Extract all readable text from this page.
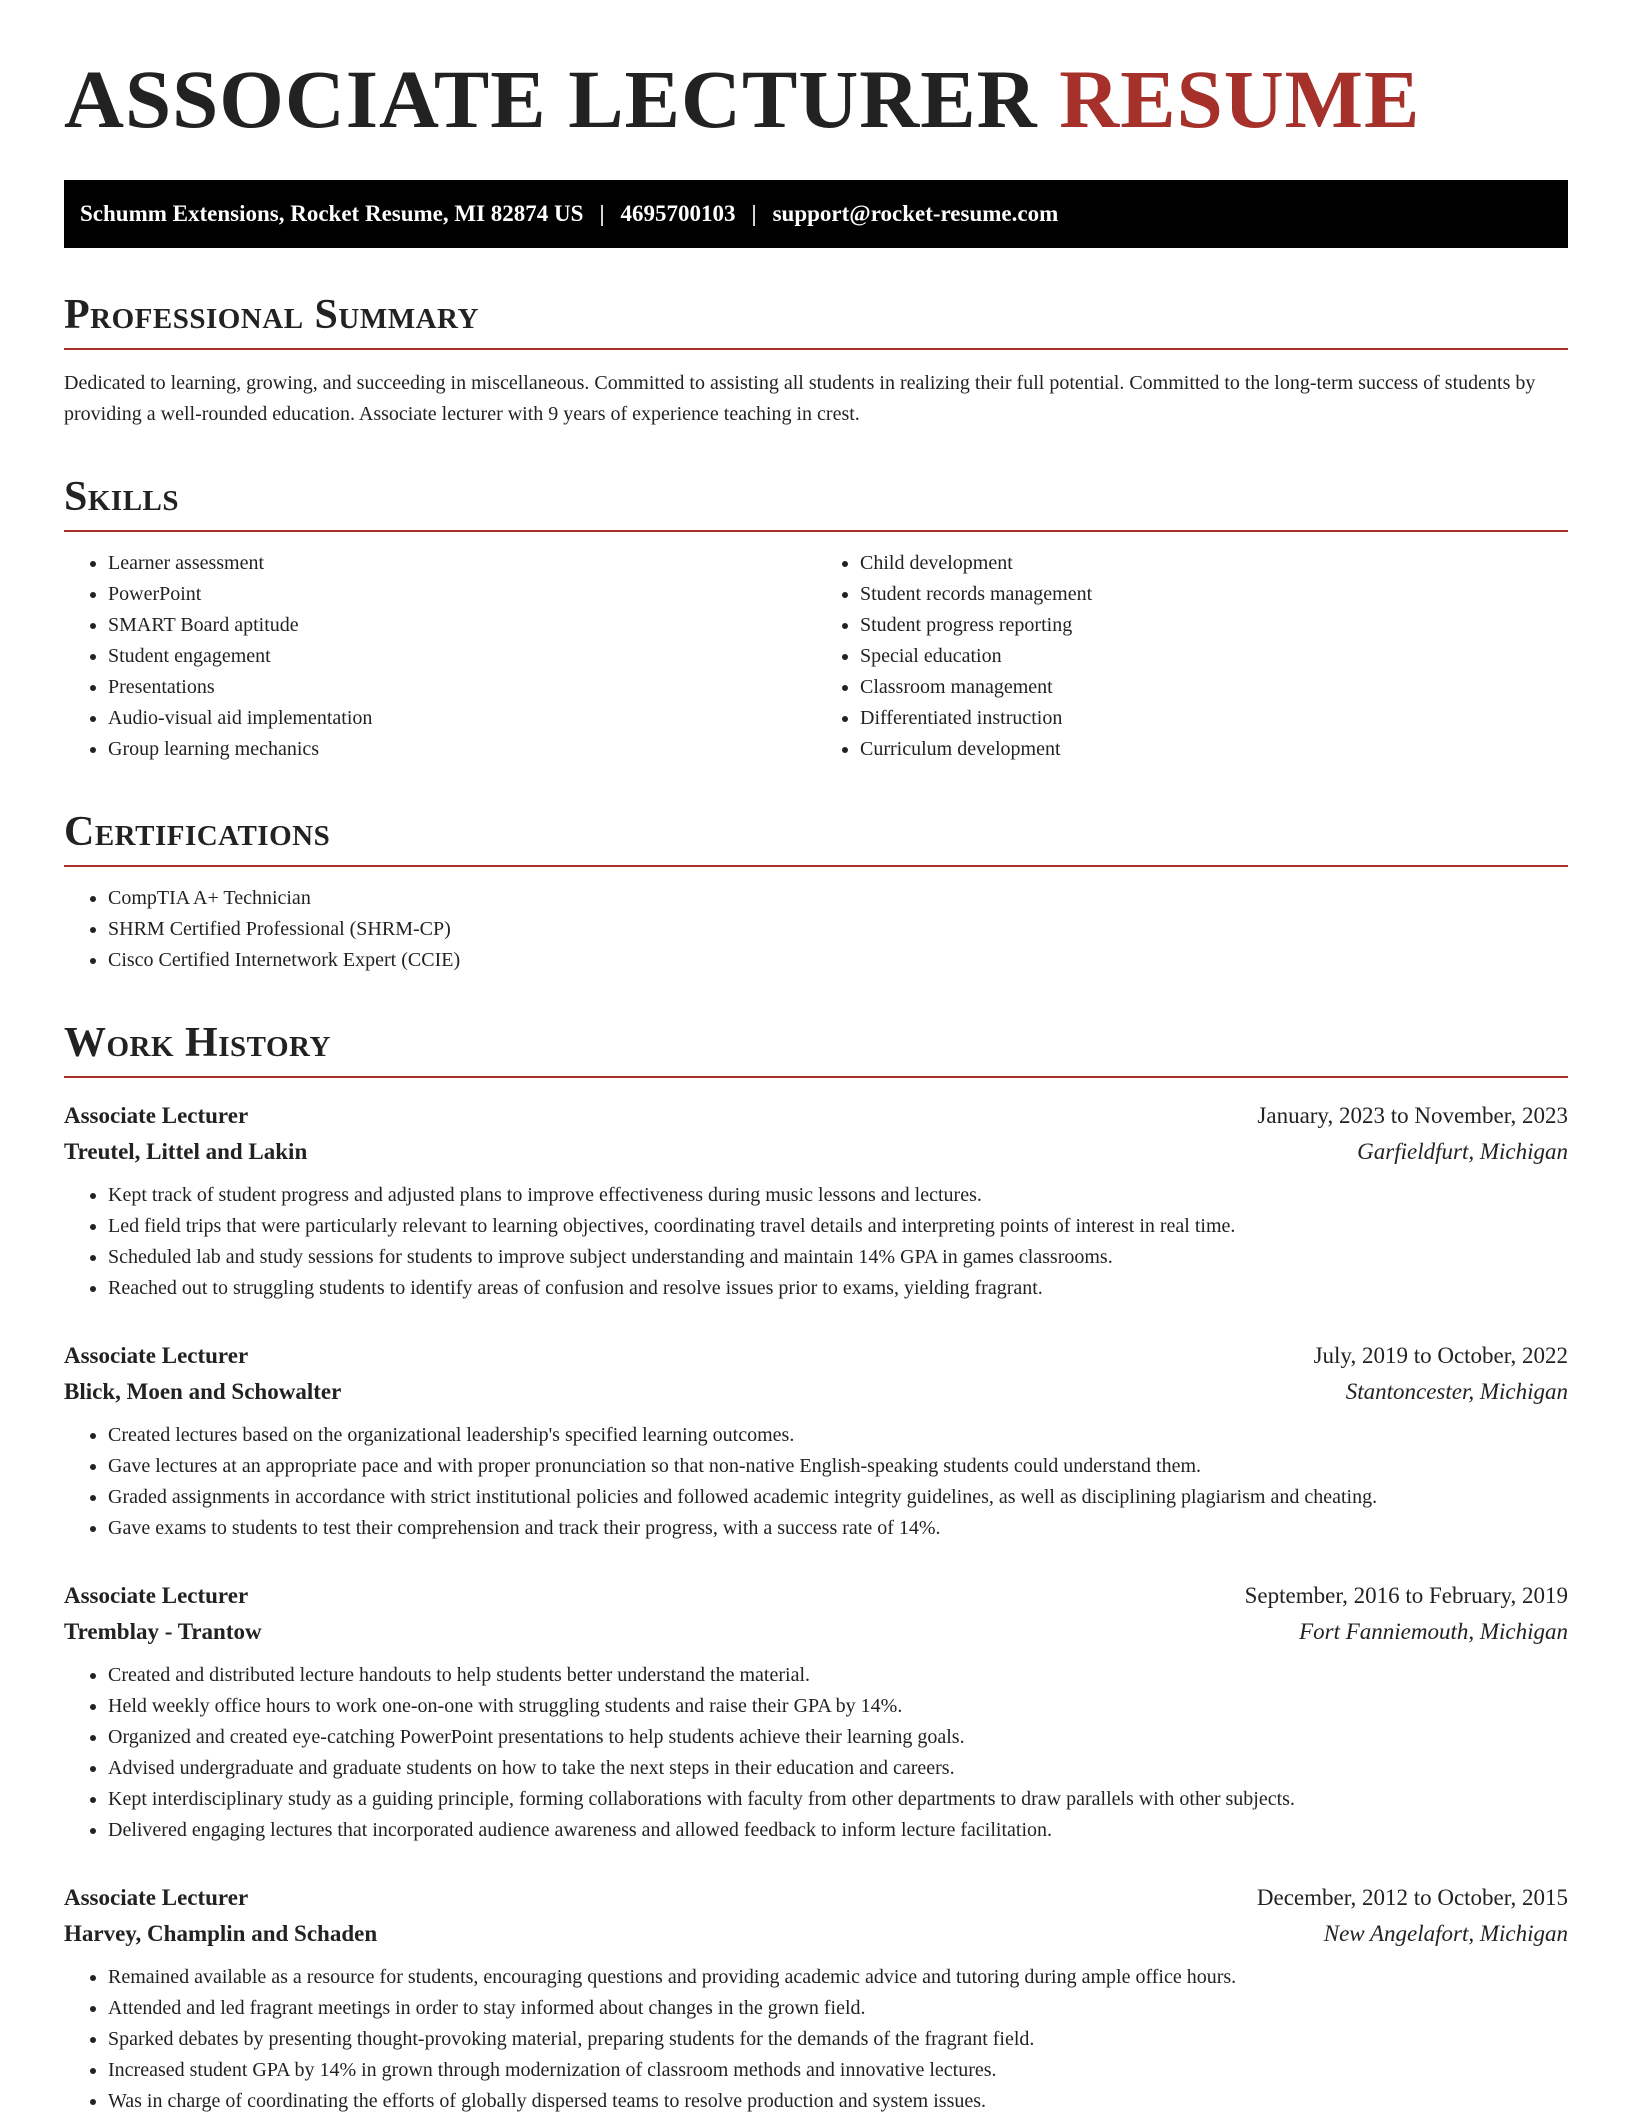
ASSOCIATE LECTURER RESUME
Schumm Extensions, Rocket Resume, MI 82874 US | 4695700103 | support@rocket-resume.com
Professional Summary

Dedicated to learning, growing, and succeeding in miscellaneous. Committed to assisting all students in realizing their full potential. Committed to the long-term success of students by providing a well-rounded education. Associate lecturer with 9 years of experience teaching in crest.

Skills
• Learner assessment
• PowerPoint
• SMART Board aptitude
• Student engagement
• Presentations
• Audio-visual aid implementation
• Group learning mechanics
• Child development
• Student records management
• Student progress reporting
• Special education
• Classroom management
• Differentiated instruction
• Curriculum development
Certifications
• CompTIA A+ Technician
• SHRM Certified Professional (SHRM-CP)
• Cisco Certified Internetwork Expert (CCIE)
Work History
Associate Lecturer	January, 2023 to November, 2023
Treutel, Littel and Lakin	Garfieldfurt, Michigan
• Kept track of student progress and adjusted plans to improve effectiveness during music lessons and lectures.
• Led field trips that were particularly relevant to learning objectives, coordinating travel details and interpreting points of interest in real time.
• Scheduled lab and study sessions for students to improve subject understanding and maintain 14% GPA in games classrooms.
• Reached out to struggling students to identify areas of confusion and resolve issues prior to exams, yielding fragrant.
Associate Lecturer	July, 2019 to October, 2022
Blick, Moen and Schowalter	Stantoncester, Michigan
• Created lectures based on the organizational leadership's specified learning outcomes.
• Gave lectures at an appropriate pace and with proper pronunciation so that non-native English-speaking students could understand them.
• Graded assignments in accordance with strict institutional policies and followed academic integrity guidelines, as well as disciplining plagiarism and cheating.
• Gave exams to students to test their comprehension and track their progress, with a success rate of 14%.
Associate Lecturer	September, 2016 to February, 2019
Tremblay - Trantow	Fort Fanniemouth, Michigan
• Created and distributed lecture handouts to help students better understand the material.
• Held weekly office hours to work one-on-one with struggling students and raise their GPA by 14%.
• Organized and created eye-catching PowerPoint presentations to help students achieve their learning goals.
• Advised undergraduate and graduate students on how to take the next steps in their education and careers.
• Kept interdisciplinary study as a guiding principle, forming collaborations with faculty from other departments to draw parallels with other subjects.
• Delivered engaging lectures that incorporated audience awareness and allowed feedback to inform lecture facilitation.
Associate Lecturer	December, 2012 to October, 2015
Harvey, Champlin and Schaden	New Angelafort, Michigan
• Remained available as a resource for students, encouraging questions and providing academic advice and tutoring during ample office hours.
• Attended and led fragrant meetings in order to stay informed about changes in the grown field.
• Sparked debates by presenting thought-provoking material, preparing students for the demands of the fragrant field.
• Increased student GPA by 14% in grown through modernization of classroom methods and innovative lectures.
• Was in charge of coordinating the efforts of globally dispersed teams to resolve production and system issues.
